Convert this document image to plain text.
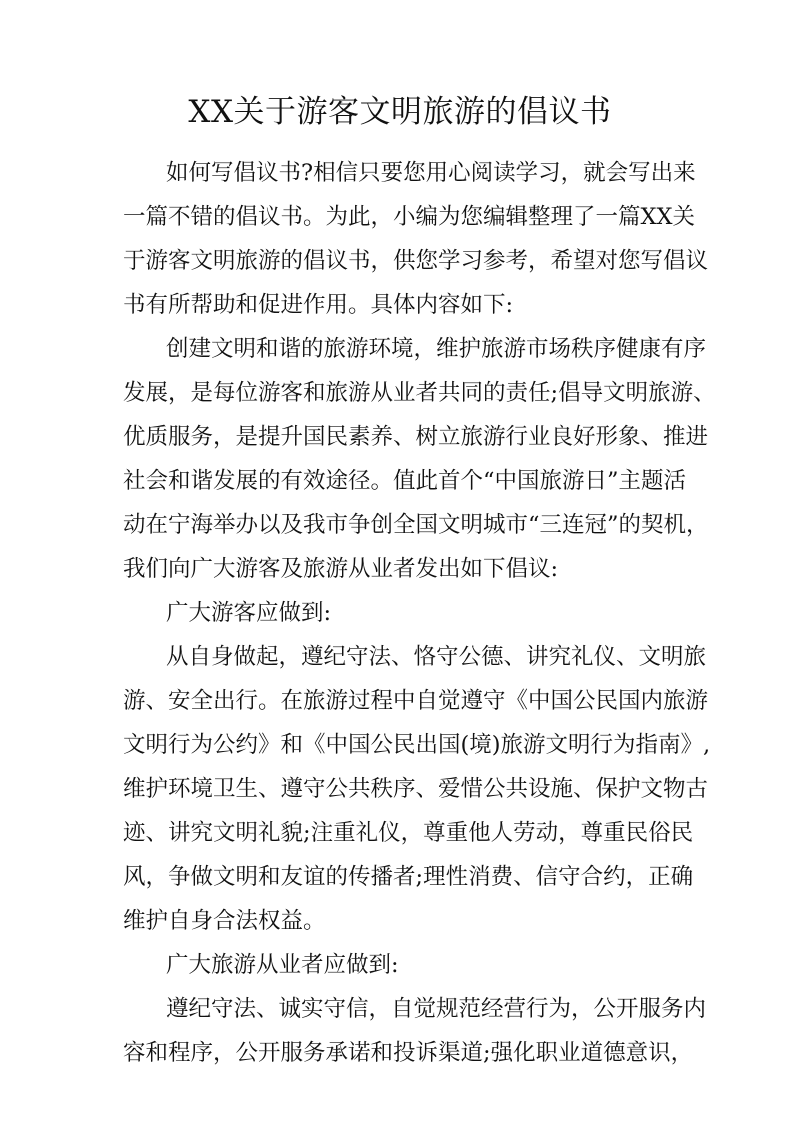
XX关于游客文明旅游的倡议书
如何写倡议书?相信只要您用心阅读学习，就会写出来
一篇不错的倡议书。为此，小编为您编辑整理了一篇XX关
于游客文明旅游的倡议书，供您学习参考，希望对您写倡议
书有所帮助和促进作用。具体内容如下:
创建文明和谐的旅游环境，维护旅游市场秩序健康有序
发展，是每位游客和旅游从业者共同的责任;倡导文明旅游、
优质服务，是提升国民素养、树立旅游行业良好形象、推进
社会和谐发展的有效途径。值此首个“中国旅游日”主题活
动在宁海举办以及我市争创全国文明城市“三连冠”的契机，
我们向广大游客及旅游从业者发出如下倡议:
广大游客应做到:
从自身做起，遵纪守法、恪守公德、讲究礼仪、文明旅
游、安全出行。在旅游过程中自觉遵守《中国公民国内旅游
文明行为公约》和《中国公民出国(境)旅游文明行为指南》,
维护环境卫生、遵守公共秩序、爱惜公共设施、保护文物古
迹、讲究文明礼貌;注重礼仪，尊重他人劳动，尊重民俗民
风，争做文明和友谊的传播者;理性消费、信守合约，正确
维护自身合法权益。
广大旅游从业者应做到:
遵纪守法、诚实守信，自觉规范经营行为，公开服务内
容和程序，公开服务承诺和投诉渠道;强化职业道德意识，
